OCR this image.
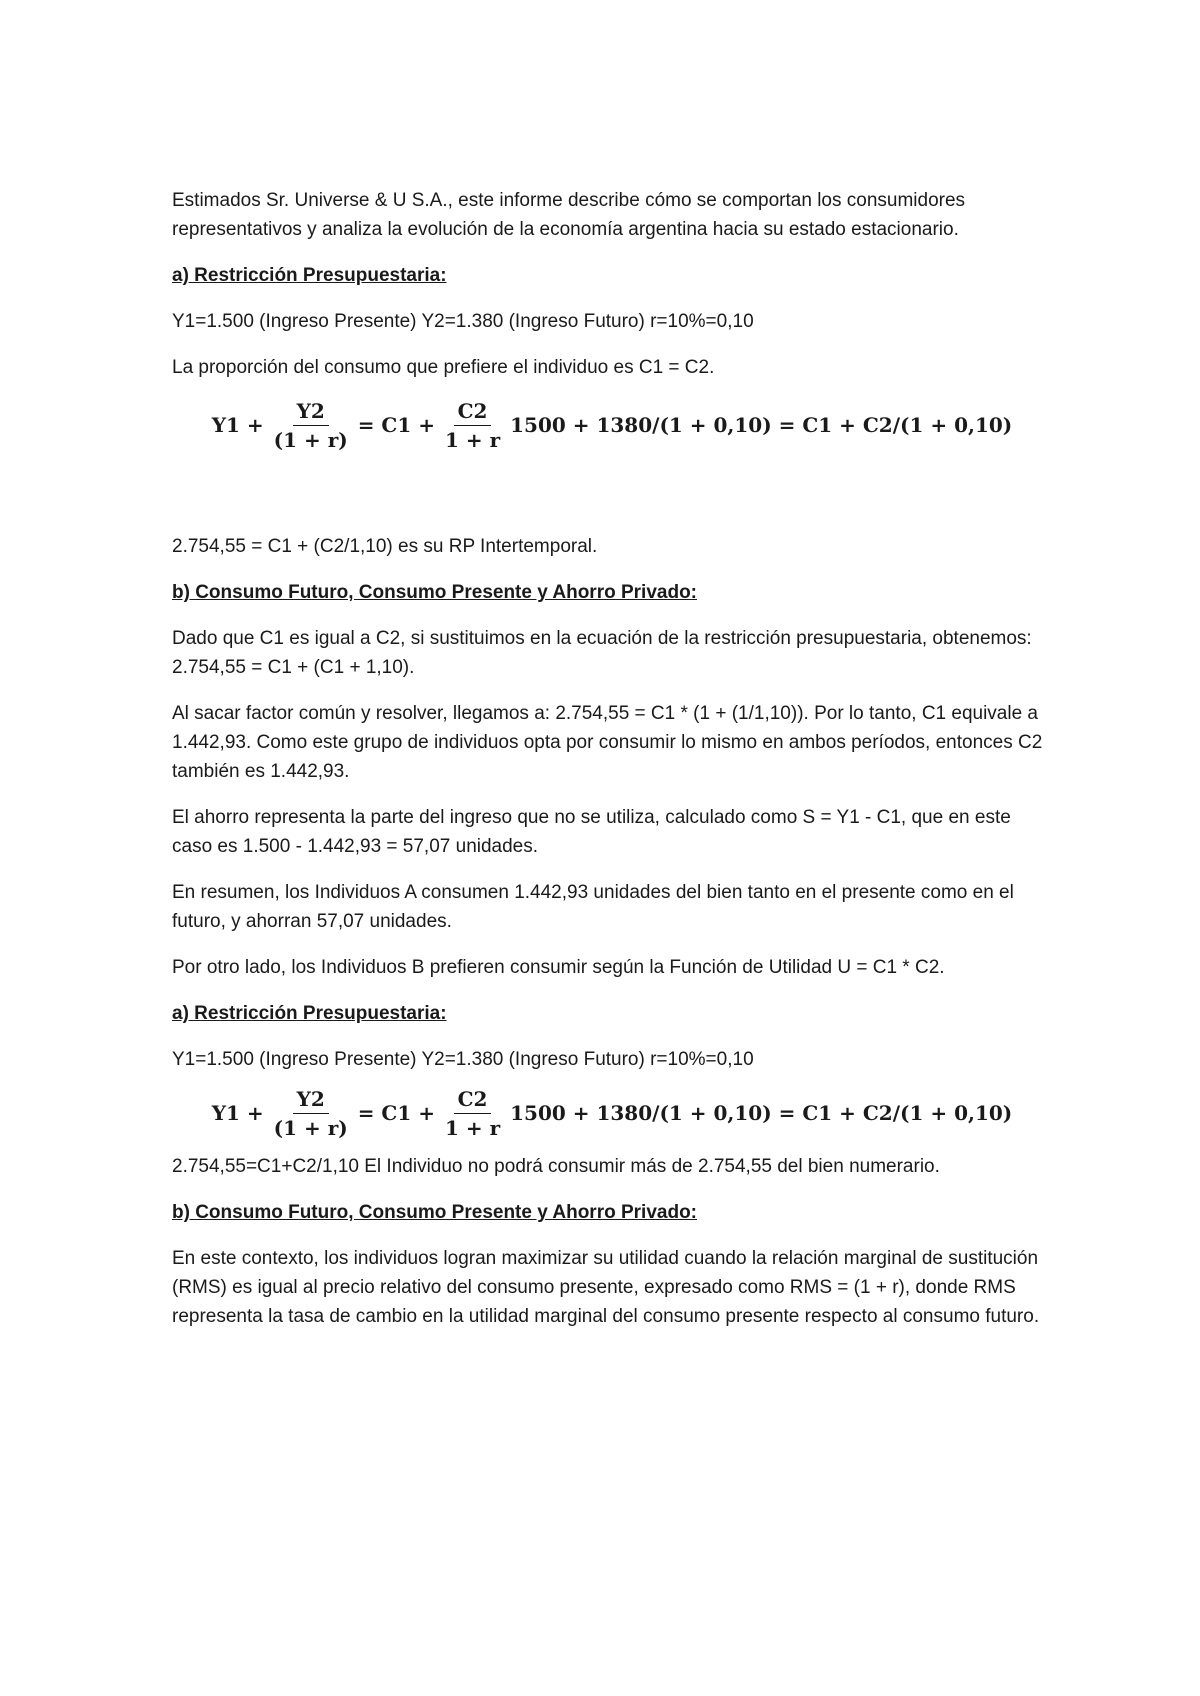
Estimados Sr. Universe & U S.A., este informe describe cómo se comportan los consumidores representativos y analiza la evolución de la economía argentina hacia su estado estacionario.

a) Restricción Presupuestaria:

Y1=1.500 (Ingreso Presente) Y2=1.380 (Ingreso Futuro) r=10%=0,10

La proporción del consumo que prefiere el individuo es C1 = C2.

$Y1 + \frac{Y2}{(1 + r)} = C1 + \frac{C2}{1 + r} 1500 + 1380/(1 + 0,10) = C1 + C2/(1 + 0,10)$

2.754,55 = C1 + (C2/1,10) es su RP Intertemporal.

b) Consumo Futuro, Consumo Presente y Ahorro Privado:

Dado que C1 es igual a C2, si sustituimos en la ecuación de la restricción presupuestaria, obtenemos: 2.754,55 = C1 + (C1 + 1,10).

Al sacar factor común y resolver, llegamos a: 2.754,55 = C1 * (1 + (1/1,10)). Por lo tanto, C1 equivale a 1.442,93. Como este grupo de individuos opta por consumir lo mismo en ambos períodos, entonces C2 también es 1.442,93.

El ahorro representa la parte del ingreso que no se utiliza, calculado como S = Y1 - C1, que en este caso es 1.500 - 1.442,93 = 57,07 unidades.

En resumen, los Individuos A consumen 1.442,93 unidades del bien tanto en el presente como en el futuro, y ahorran 57,07 unidades.

Por otro lado, los Individuos B prefieren consumir según la Función de Utilidad U = C1 * C2.

a) Restricción Presupuestaria:

Y1=1.500 (Ingreso Presente) Y2=1.380 (Ingreso Futuro) r=10%=0,10

$Y1 + \frac{Y2}{(1 + r)} = C1 + \frac{C2}{1 + r} 1500 + 1380/(1 + 0,10) = C1 + C2/(1 + 0,10)$

2.754,55=C1+C2/1,10 El Individuo no podrá consumir más de 2.754,55 del bien numerario.

b) Consumo Futuro, Consumo Presente y Ahorro Privado:

En este contexto, los individuos logran maximizar su utilidad cuando la relación marginal de sustitución (RMS) es igual al precio relativo del consumo presente, expresado como RMS = (1 + r), donde RMS representa la tasa de cambio en la utilidad marginal del consumo presente respecto al consumo futuro.
